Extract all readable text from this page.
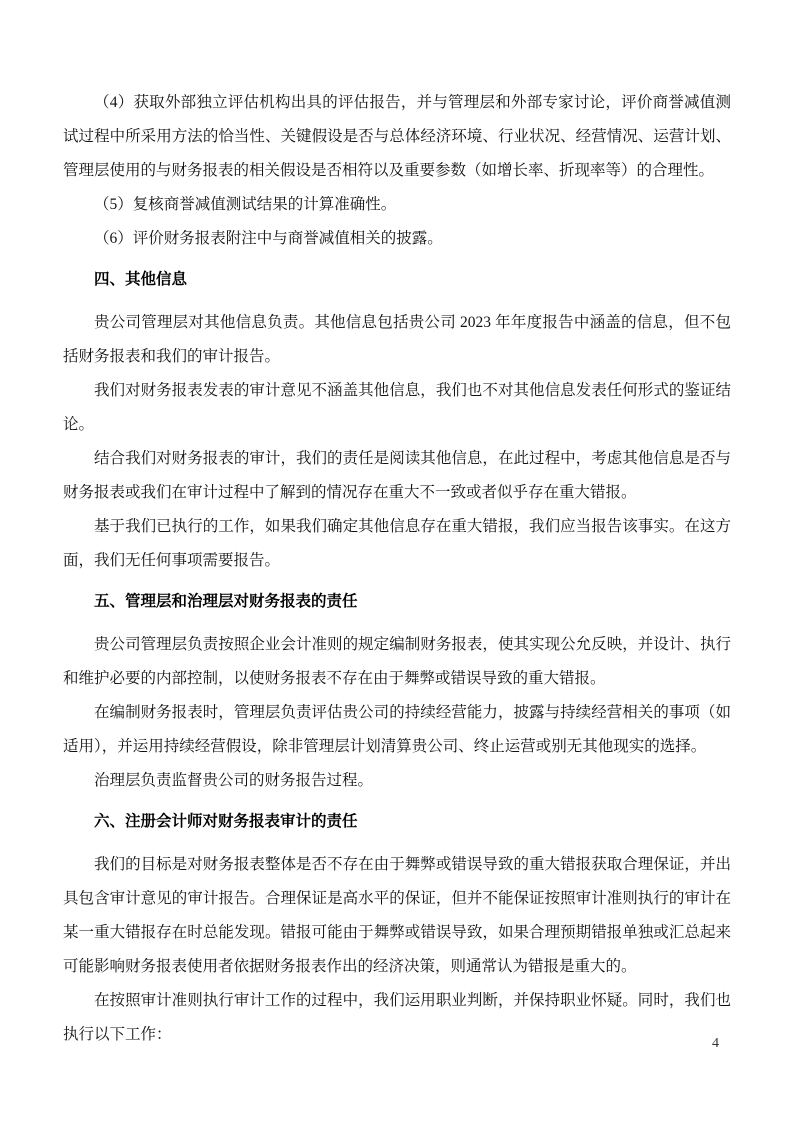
（4）获取外部独立评估机构出具的评估报告，并与管理层和外部专家讨论，评价商誉减值测试过程中所采用方法的恰当性、关键假设是否与总体经济环境、行业状况、经营情况、运营计划、管理层使用的与财务报表的相关假设是否相符以及重要参数（如增长率、折现率等）的合理性。

（5）复核商誉减值测试结果的计算准确性。

（6）评价财务报表附注中与商誉减值相关的披露。

四、其他信息

贵公司管理层对其他信息负责。其他信息包括贵公司 2023 年年度报告中涵盖的信息，但不包括财务报表和我们的审计报告。

我们对财务报表发表的审计意见不涵盖其他信息，我们也不对其他信息发表任何形式的鉴证结论。

结合我们对财务报表的审计，我们的责任是阅读其他信息，在此过程中，考虑其他信息是否与财务报表或我们在审计过程中了解到的情况存在重大不一致或者似乎存在重大错报。

基于我们已执行的工作，如果我们确定其他信息存在重大错报，我们应当报告该事实。在这方面，我们无任何事项需要报告。

五、管理层和治理层对财务报表的责任

贵公司管理层负责按照企业会计准则的规定编制财务报表，使其实现公允反映，并设计、执行和维护必要的内部控制，以使财务报表不存在由于舞弊或错误导致的重大错报。

在编制财务报表时，管理层负责评估贵公司的持续经营能力，披露与持续经营相关的事项（如适用），并运用持续经营假设，除非管理层计划清算贵公司、终止运营或别无其他现实的选择。

治理层负责监督贵公司的财务报告过程。

六、注册会计师对财务报表审计的责任

我们的目标是对财务报表整体是否不存在由于舞弊或错误导致的重大错报获取合理保证，并出具包含审计意见的审计报告。合理保证是高水平的保证，但并不能保证按照审计准则执行的审计在某一重大错报存在时总能发现。错报可能由于舞弊或错误导致，如果合理预期错报单独或汇总起来可能影响财务报表使用者依据财务报表作出的经济决策，则通常认为错报是重大的。

在按照审计准则执行审计工作的过程中，我们运用职业判断，并保持职业怀疑。同时，我们也执行以下工作：

4
